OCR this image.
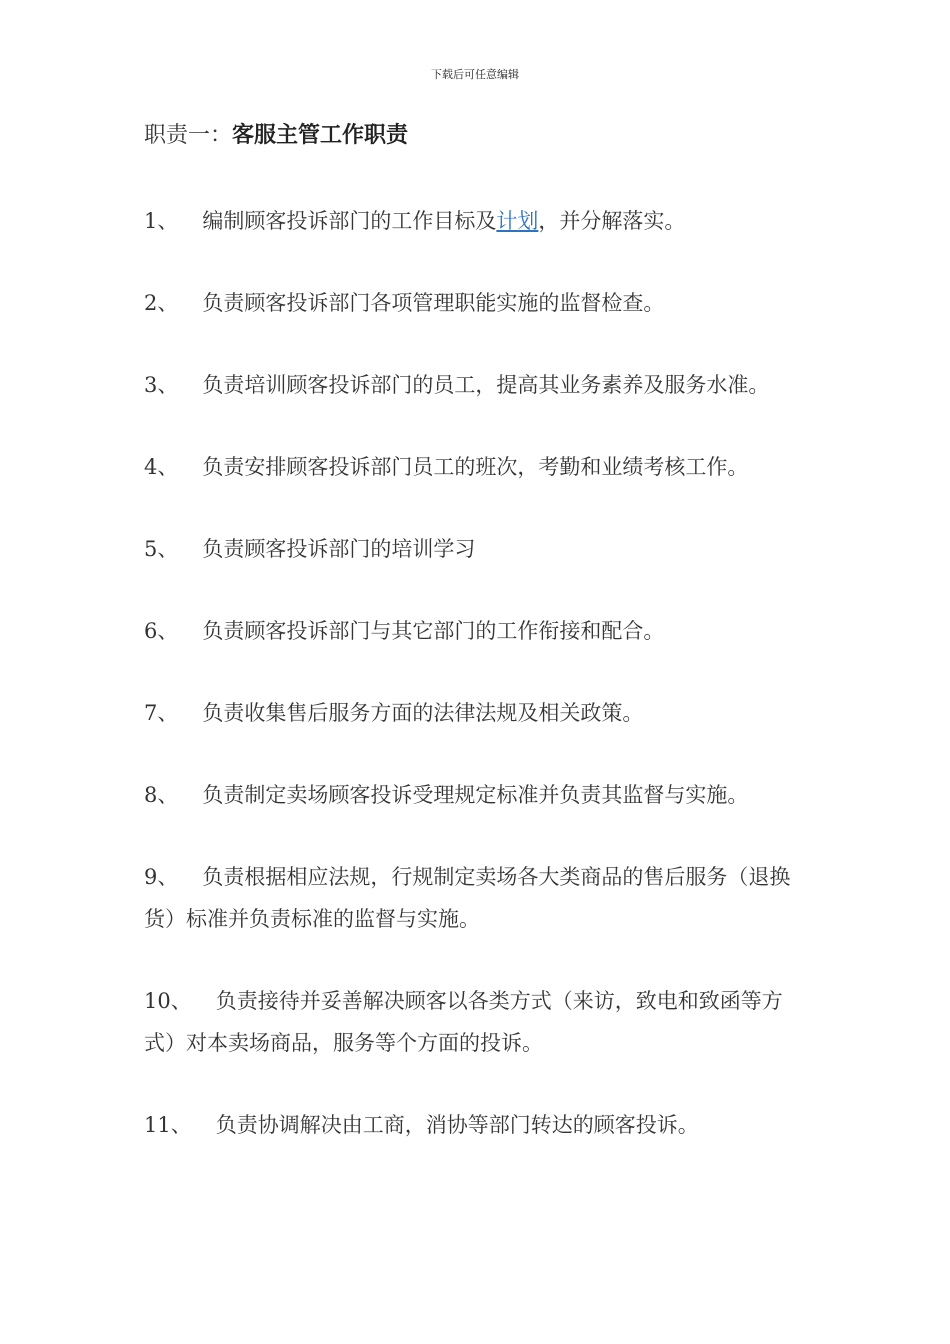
下载后可任意编辑
职责一：客服主管工作职责
1、 编制顾客投诉部门的工作目标及计划，并分解落实。
2、 负责顾客投诉部门各项管理职能实施的监督检查。
3、 负责培训顾客投诉部门的员工，提高其业务素养及服务水准。
4、 负责安排顾客投诉部门员工的班次，考勤和业绩考核工作。
5、 负责顾客投诉部门的培训学习
6、 负责顾客投诉部门与其它部门的工作衔接和配合。
7、 负责收集售后服务方面的法律法规及相关政策。
8、 负责制定卖场顾客投诉受理规定标准并负责其监督与实施。
9、 负责根据相应法规，行规制定卖场各大类商品的售后服务（退换货）标准并负责标准的监督与实施。
10、 负责接待并妥善解决顾客以各类方式（来访，致电和致函等方式）对本卖场商品，服务等个方面的投诉。
11、 负责协调解决由工商，消协等部门转达的顾客投诉。
